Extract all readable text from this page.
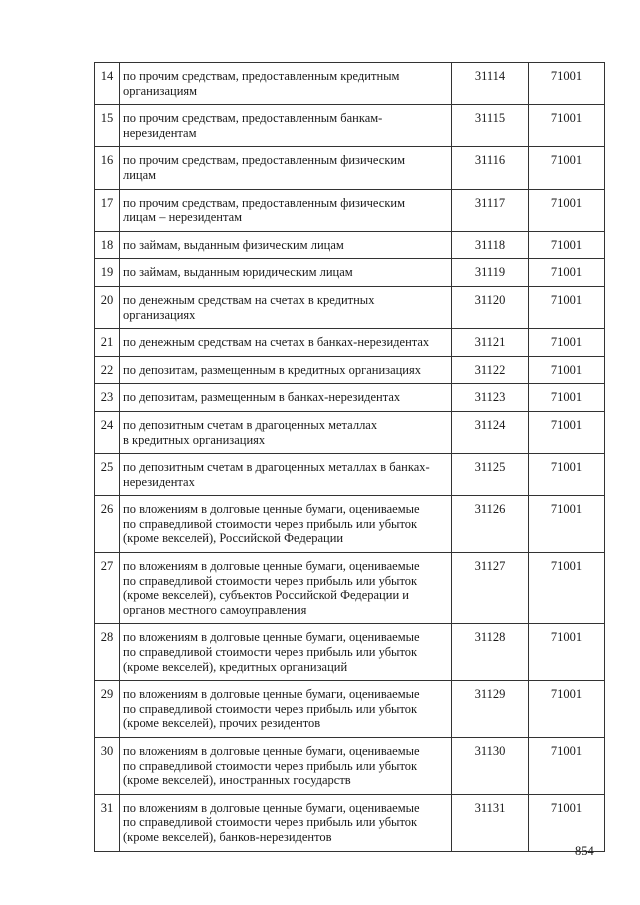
14	по прочим средствам, предоставленным кредитным
организациям	31114	71001
15	по прочим средствам, предоставленным банкам-
нерезидентам	31115	71001
16	по прочим средствам, предоставленным физическим
лицам	31116	71001
17	по прочим средствам, предоставленным физическим
лицам – нерезидентам	31117	71001
18	по займам, выданным физическим лицам	31118	71001
19	по займам, выданным юридическим лицам	31119	71001
20	по денежным средствам на счетах в кредитных
организациях	31120	71001
21	по денежным средствам на счетах в банках-нерезидентах	31121	71001
22	по депозитам, размещенным в кредитных организациях	31122	71001
23	по депозитам, размещенным в банках-нерезидентах	31123	71001
24	по депозитным счетам в драгоценных металлах
в кредитных организациях	31124	71001
25	по депозитным счетам в драгоценных металлах в банках-
нерезидентах	31125	71001
26	по вложениям в долговые ценные бумаги, оцениваемые
по справедливой стоимости через прибыль или убыток
(кроме векселей), Российской Федерации	31126	71001
27	по вложениям в долговые ценные бумаги, оцениваемые
по справедливой стоимости через прибыль или убыток
(кроме векселей), субъектов Российской Федерации и
органов местного самоуправления	31127	71001
28	по вложениям в долговые ценные бумаги, оцениваемые
по справедливой стоимости через прибыль или убыток
(кроме векселей), кредитных организаций	31128	71001
29	по вложениям в долговые ценные бумаги, оцениваемые
по справедливой стоимости через прибыль или убыток
(кроме векселей), прочих резидентов	31129	71001
30	по вложениям в долговые ценные бумаги, оцениваемые
по справедливой стоимости через прибыль или убыток
(кроме векселей), иностранных государств	31130	71001
31	по вложениям в долговые ценные бумаги, оцениваемые
по справедливой стоимости через прибыль или убыток
(кроме векселей), банков-нерезидентов	31131	71001
854
